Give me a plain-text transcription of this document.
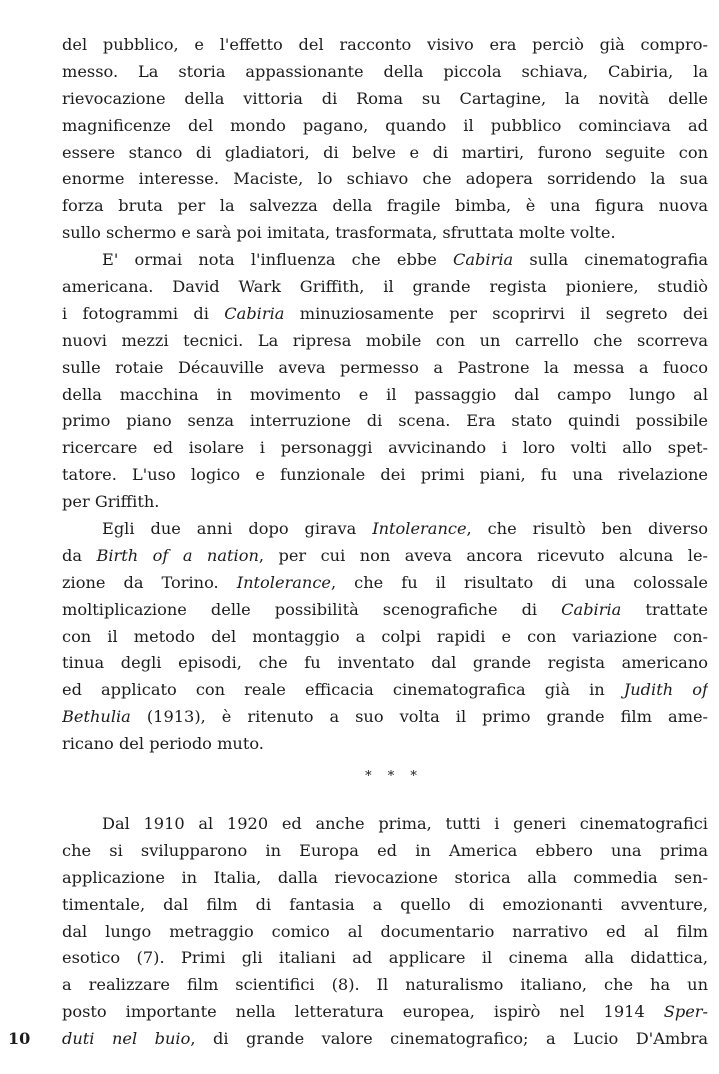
del pubblico, e l'effetto del racconto visivo era perciò già compro-
messo. La storia appassionante della piccola schiava, Cabiria, la
rievocazione della vittoria di Roma su Cartagine, la novità delle
magnificenze del mondo pagano, quando il pubblico cominciava ad
essere stanco di gladiatori, di belve e di martiri, furono seguite con
enorme interesse. Maciste, lo schiavo che adopera sorridendo la sua
forza bruta per la salvezza della fragile bimba, è una figura nuova
sullo schermo e sarà poi imitata, trasformata, sfruttata molte volte.
E' ormai nota l'influenza che ebbe Cabiria sulla cinematografia
americana. David Wark Griffith, il grande regista pioniere, studiò
i fotogrammi di Cabiria minuziosamente per scoprirvi il segreto dei
nuovi mezzi tecnici. La ripresa mobile con un carrello che scorreva
sulle rotaie Décauville aveva permesso a Pastrone la messa a fuoco
della macchina in movimento e il passaggio dal campo lungo al
primo piano senza interruzione di scena. Era stato quindi possibile
ricercare ed isolare i personaggi avvicinando i loro volti allo spet-
tatore. L'uso logico e funzionale dei primi piani, fu una rivelazione
per Griffith.
Egli due anni dopo girava Intolerance, che risultò ben diverso
da Birth of a nation, per cui non aveva ancora ricevuto alcuna le-
zione da Torino. Intolerance, che fu il risultato di una colossale
moltiplicazione delle possibilità scenografiche di Cabiria trattate
con il metodo del montaggio a colpi rapidi e con variazione con-
tinua degli episodi, che fu inventato dal grande regista americano
ed applicato con reale efficacia cinematografica già in Judith of
Bethulia (1913), è ritenuto a suo volta il primo grande film ame-
ricano del periodo muto.
* * *
Dal 1910 al 1920 ed anche prima, tutti i generi cinematografici
che si svilupparono in Europa ed in America ebbero una prima
applicazione in Italia, dalla rievocazione storica alla commedia sen-
timentale, dal film di fantasia a quello di emozionanti avventure,
dal lungo metraggio comico al documentario narrativo ed al film
esotico (7). Primi gli italiani ad applicare il cinema alla didattica,
a realizzare film scientifici (8). Il naturalismo italiano, che ha un
posto importante nella letteratura europea, ispirò nel 1914 Sper-
duti nel buio, di grande valore cinematografico; a Lucio D'Ambra
10
